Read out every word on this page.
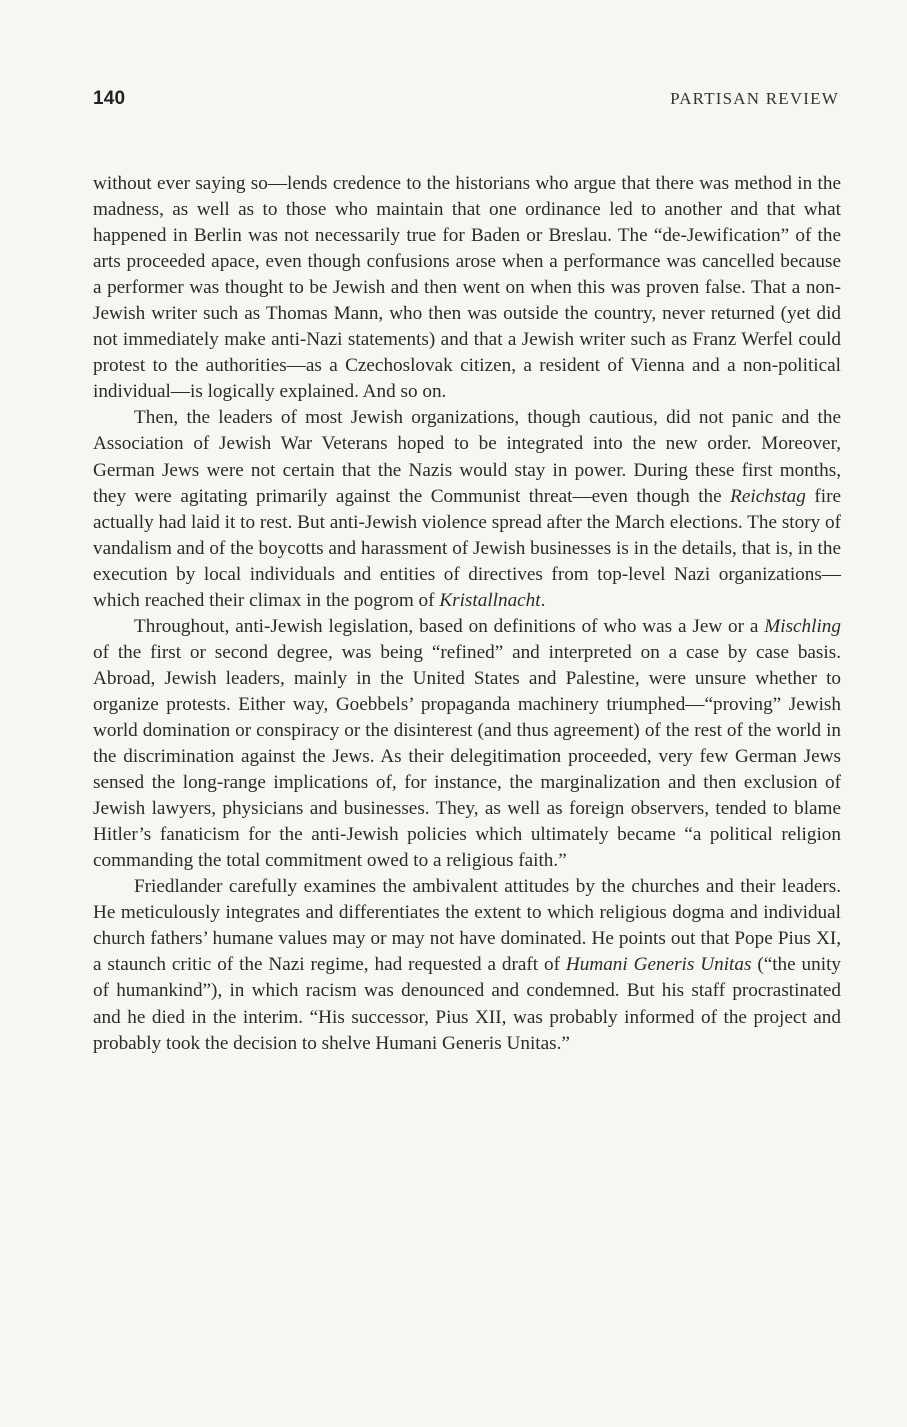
140	PARTISAN REVIEW

without ever saying so—lends credence to the historians who argue that there was method in the madness, as well as to those who maintain that one ordinance led to another and that what happened in Berlin was not necessarily true for Baden or Breslau. The “de-Jewification” of the arts proceeded apace, even though confusions arose when a performance was cancelled because a performer was thought to be Jewish and then went on when this was proven false. That a non-Jewish writer such as Thomas Mann, who then was outside the country, never returned (yet did not immediately make anti-Nazi statements) and that a Jewish writer such as Franz Werfel could protest to the authorities—as a Czechoslovak citizen, a resident of Vienna and a non-political individual—is logically explained. And so on.

Then, the leaders of most Jewish organizations, though cautious, did not panic and the Association of Jewish War Veterans hoped to be integrated into the new order. Moreover, German Jews were not certain that the Nazis would stay in power. During these first months, they were agitating primarily against the Communist threat—even though the Reichstag fire actually had laid it to rest. But anti-Jewish violence spread after the March elections. The story of vandalism and of the boycotts and harassment of Jewish businesses is in the details, that is, in the execution by local individuals and entities of directives from top-level Nazi organizations—which reached their climax in the pogrom of Kristallnacht.

Throughout, anti-Jewish legislation, based on definitions of who was a Jew or a Mischling of the first or second degree, was being “refined” and interpreted on a case by case basis. Abroad, Jewish leaders, mainly in the United States and Palestine, were unsure whether to organize protests. Either way, Goebbels’ propaganda machinery triumphed—“proving” Jewish world domination or conspiracy or the disinterest (and thus agreement) of the rest of the world in the discrimination against the Jews. As their delegitimation proceeded, very few German Jews sensed the long-range implications of, for instance, the marginalization and then exclusion of Jewish lawyers, physicians and businesses. They, as well as foreign observers, tended to blame Hitler’s fanaticism for the anti-Jewish policies which ultimately became “a political religion commanding the total commitment owed to a religious faith.”

Friedlander carefully examines the ambivalent attitudes by the churches and their leaders. He meticulously integrates and differentiates the extent to which religious dogma and individual church fathers’ humane values may or may not have dominated. He points out that Pope Pius XI, a staunch critic of the Nazi regime, had requested a draft of Humani Generis Unitas (“the unity of humankind”), in which racism was denounced and condemned. But his staff procrastinated and he died in the interim. “His successor, Pius XII, was probably informed of the project and probably took the decision to shelve Humani Generis Unitas.”
